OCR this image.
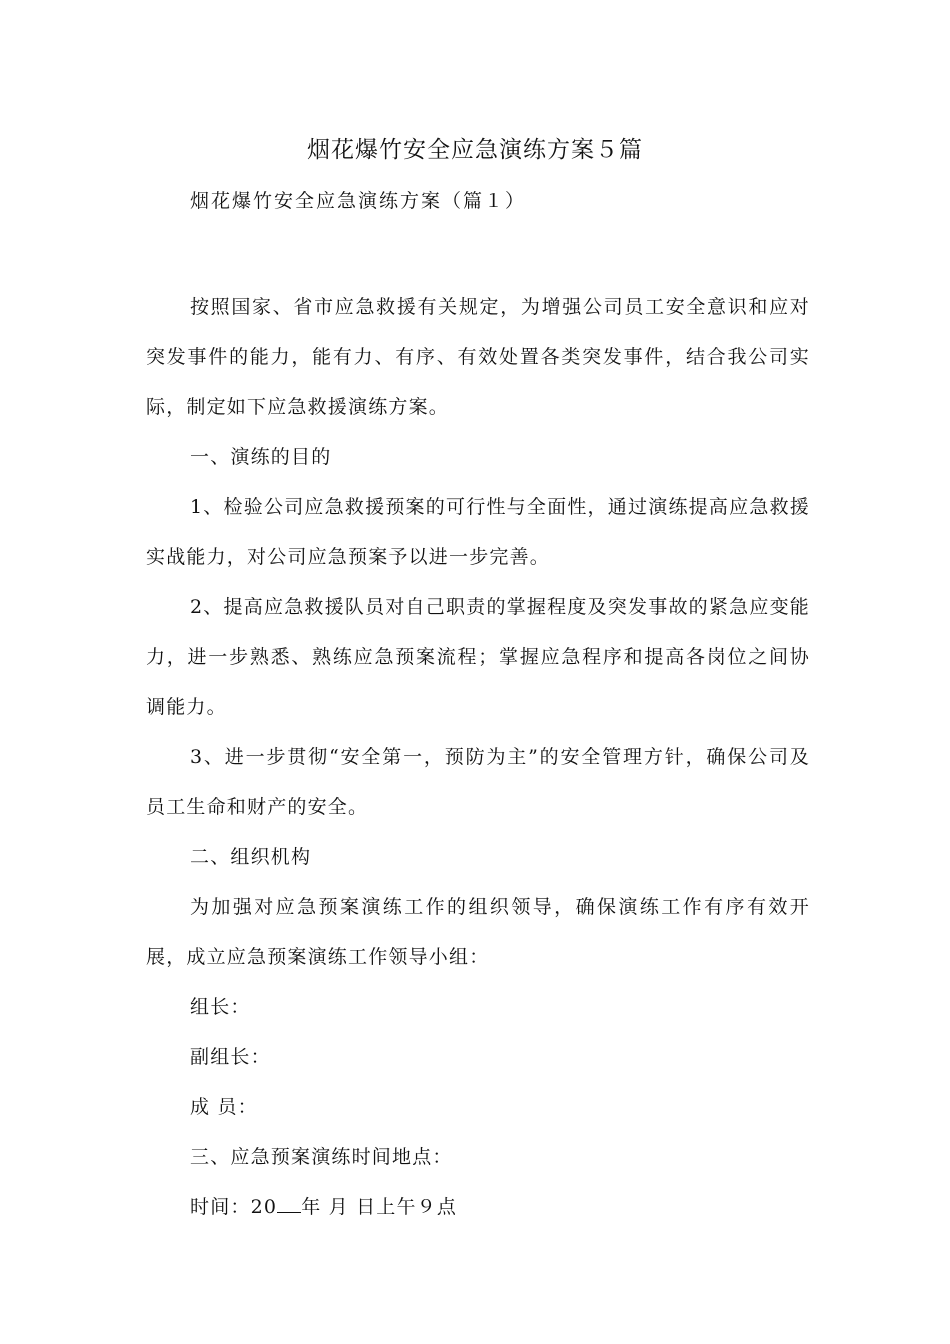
烟花爆竹安全应急演练方案５篇

烟花爆竹安全应急演练方案（篇１）

按照国家、省市应急救援有关规定，为增强公司员工安全意识和应对突发事件的能力，能有力、有序、有效处置各类突发事件，结合我公司实际，制定如下应急救援演练方案。

一、演练的目的

1、检验公司应急救援预案的可行性与全面性，通过演练提高应急救援实战能力，对公司应急预案予以进一步完善。

2、提高应急救援队员对自己职责的掌握程度及突发事故的紧急应变能力，进一步熟悉、熟练应急预案流程；掌握应急程序和提高各岗位之间协调能力。

3、进一步贯彻“安全第一，预防为主”的安全管理方针，确保公司及员工生命和财产的安全。

二、组织机构

为加强对应急预案演练工作的组织领导，确保演练工作有序有效开展，成立应急预案演练工作领导小组：

组长：

副组长：

成 员：

三、应急预案演练时间地点：

时间：20 年 月 日上午９点
